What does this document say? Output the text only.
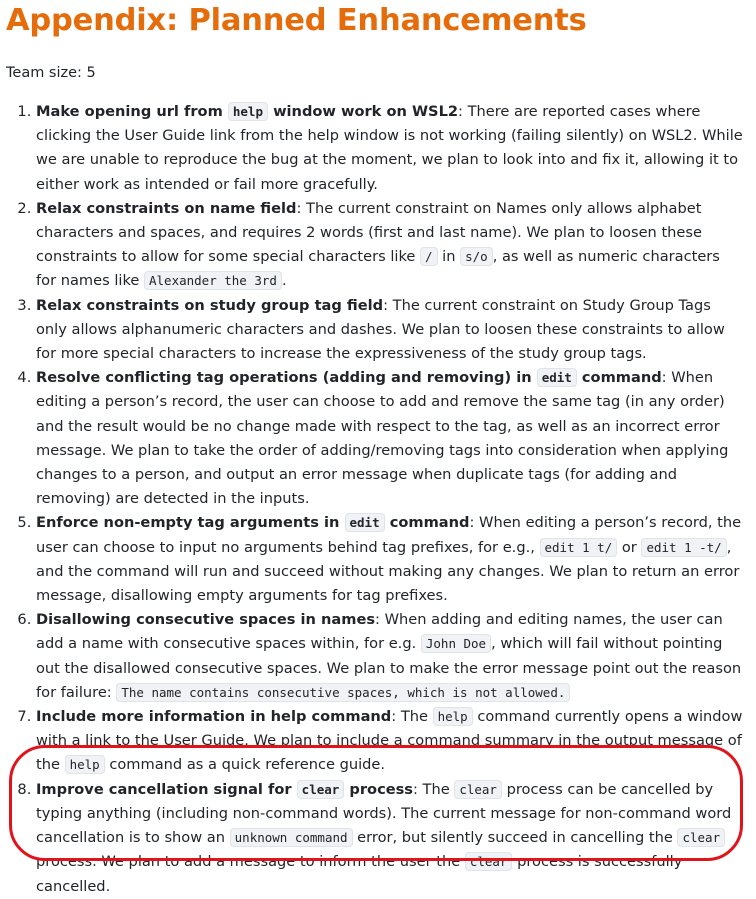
Appendix: Planned Enhancements
Team size: 5
1. Make opening url from help window work on WSL2: There are reported cases where clicking the User Guide link from the help window is not working (failing silently) on WSL2. While we are unable to reproduce the bug at the moment, we plan to look into and fix it, allowing it to either work as intended or fail more gracefully.
2. Relax constraints on name field: The current constraint on Names only allows alphabet characters and spaces, and requires 2 words (first and last name). We plan to loosen these constraints to allow for some special characters like / in s/o , as well as numeric characters for names like Alexander the 3rd .
3. Relax constraints on study group tag field: The current constraint on Study Group Tags only allows alphanumeric characters and dashes. We plan to loosen these constraints to allow for more special characters to increase the expressiveness of the study group tags.
4. Resolve conflicting tag operations (adding and removing) in edit command: When editing a person’s record, the user can choose to add and remove the same tag (in any order) and the result would be no change made with respect to the tag, as well as an incorrect error message. We plan to take the order of adding/removing tags into consideration when applying changes to a person, and output an error message when duplicate tags (for adding and removing) are detected in the inputs.
5. Enforce non-empty tag arguments in edit command: When editing a person’s record, the user can choose to input no arguments behind tag prefixes, for e.g., edit 1 t/ or edit 1 -t/ , and the command will run and succeed without making any changes. We plan to return an error message, disallowing empty arguments for tag prefixes.
6. Disallowing consecutive spaces in names: When adding and editing names, the user can add a name with consecutive spaces within, for e.g. John Doe , which will fail without pointing out the disallowed consecutive spaces. We plan to make the error message point out the reason for failure: The name contains consecutive spaces, which is not allowed.
7. Include more information in help command: The help command currently opens a window with a link to the User Guide. We plan to include a command summary in the output message of the help command as a quick reference guide.
8. Improve cancellation signal for clear process: The clear process can be cancelled by typing anything (including non-command words). The current message for non-command word cancellation is to show an unknown command error, but silently succeed in cancelling the clear process. We plan to add a message to inform the user the clear process is successfully cancelled.
